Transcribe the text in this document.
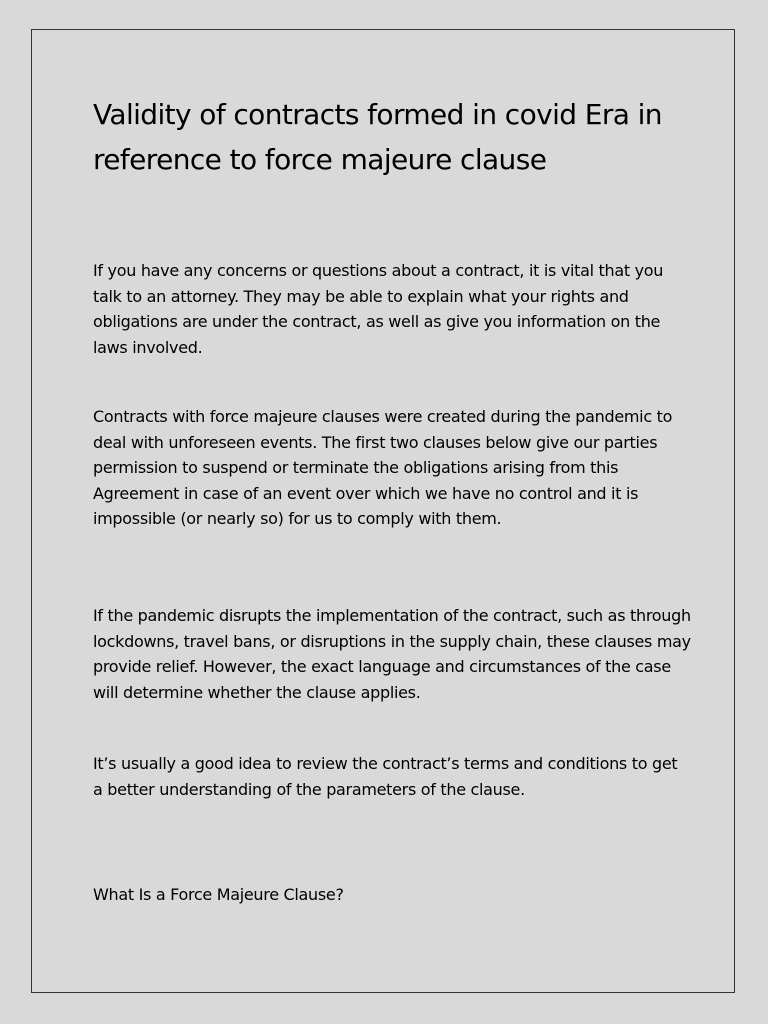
Validity of contracts formed in covid Era in reference to force majeure clause

If you have any concerns or questions about a contract, it is vital that you talk to an attorney. They may be able to explain what your rights and obligations are under the contract, as well as give you information on the laws involved.

Contracts with force majeure clauses were created during the pandemic to deal with unforeseen events. The first two clauses below give our parties permission to suspend or terminate the obligations arising from this Agreement in case of an event over which we have no control and it is impossible (or nearly so) for us to comply with them.

If the pandemic disrupts the implementation of the contract, such as through lockdowns, travel bans, or disruptions in the supply chain, these clauses may provide relief. However, the exact language and circumstances of the case will determine whether the clause applies.

It’s usually a good idea to review the contract’s terms and conditions to get a better understanding of the parameters of the clause.

What Is a Force Majeure Clause?
